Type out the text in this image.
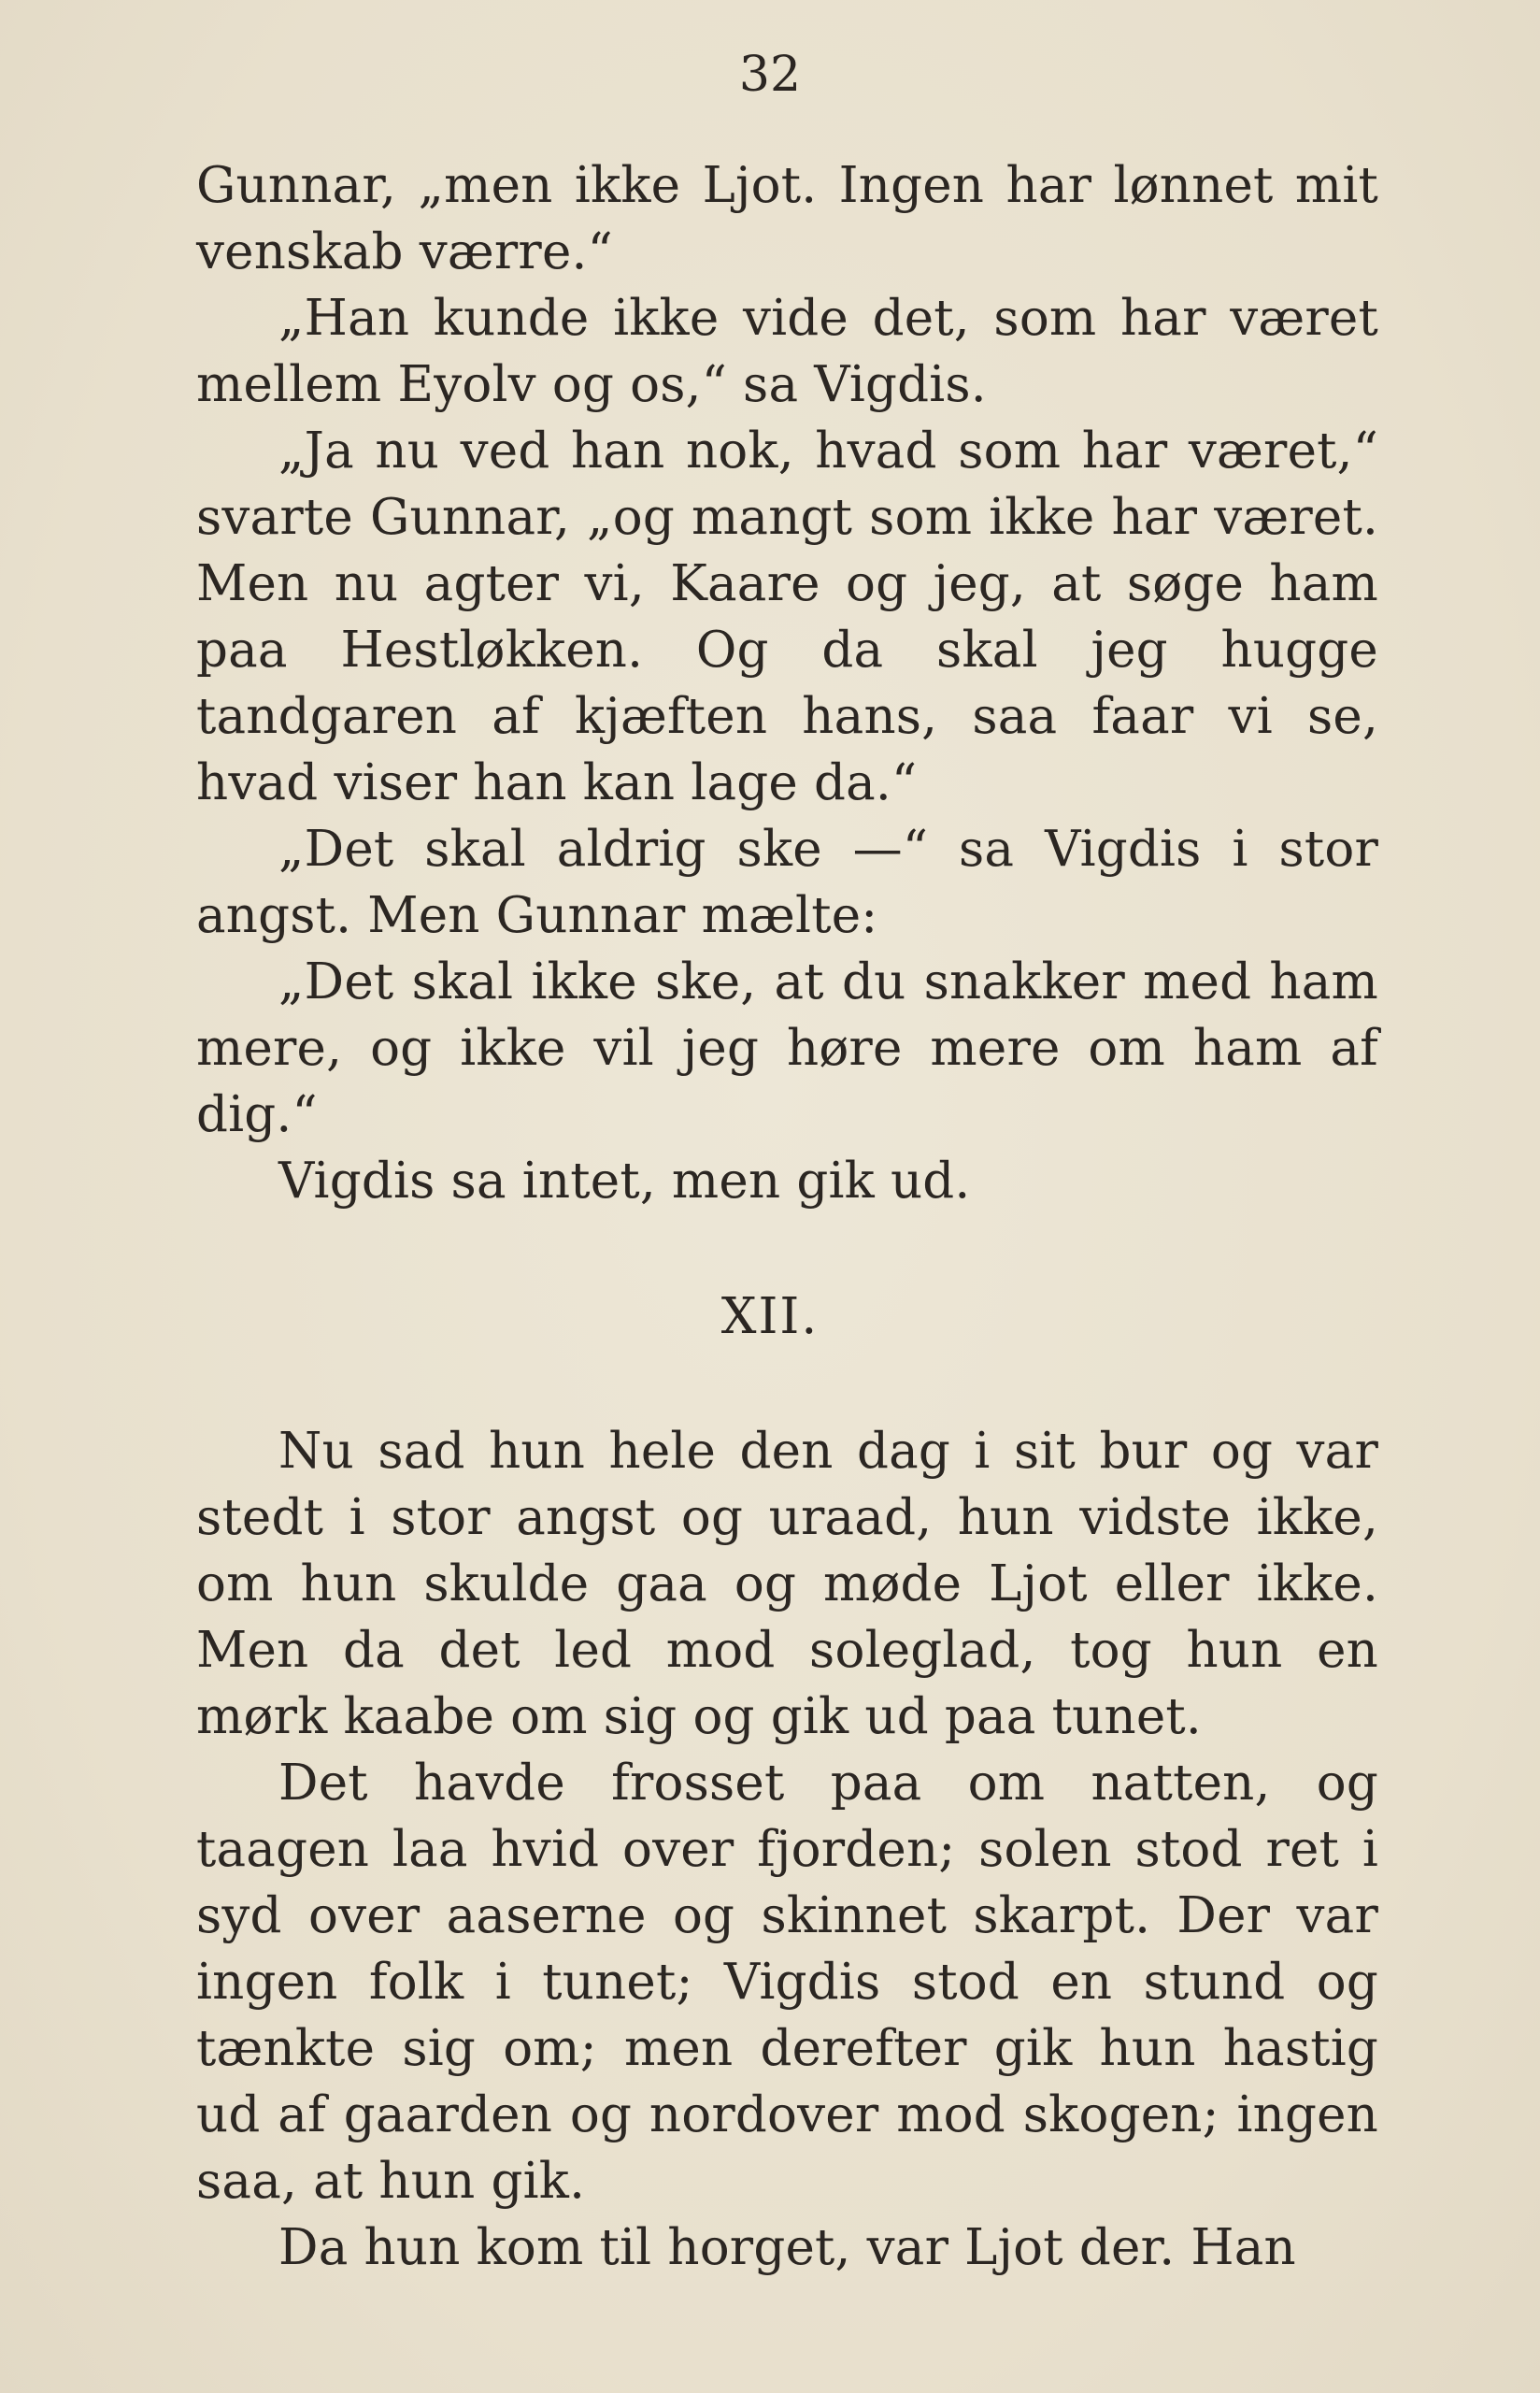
32

Gunnar, „men ikke Ljot. Ingen har lønnet mit venskab værre.“

„Han kunde ikke vide det, som har været mellem Eyolv og os,“ sa Vigdis.

„Ja nu ved han nok, hvad som har været,“ svarte Gunnar, „og mangt som ikke har været. Men nu agter vi, Kaare og jeg, at søge ham paa Hestløkken. Og da skal jeg hugge tandgaren af kjæften hans, saa faar vi se, hvad viser han kan lage da.“

„Det skal aldrig ske —“ sa Vigdis i stor angst. Men Gunnar mælte:

„Det skal ikke ske, at du snakker med ham mere, og ikke vil jeg høre mere om ham af dig.“

Vigdis sa intet, men gik ud.

XII.

Nu sad hun hele den dag i sit bur og var stedt i stor angst og uraad, hun vidste ikke, om hun skulde gaa og møde Ljot eller ikke. Men da det led mod soleglad, tog hun en mørk kaabe om sig og gik ud paa tunet.

Det havde frosset paa om natten, og taagen laa hvid over fjorden; solen stod ret i syd over aaserne og skinnet skarpt. Der var ingen folk i tunet; Vigdis stod en stund og tænkte sig om; men derefter gik hun hastig ud af gaarden og nordover mod skogen; ingen saa, at hun gik.

Da hun kom til horget, var Ljot der. Han
